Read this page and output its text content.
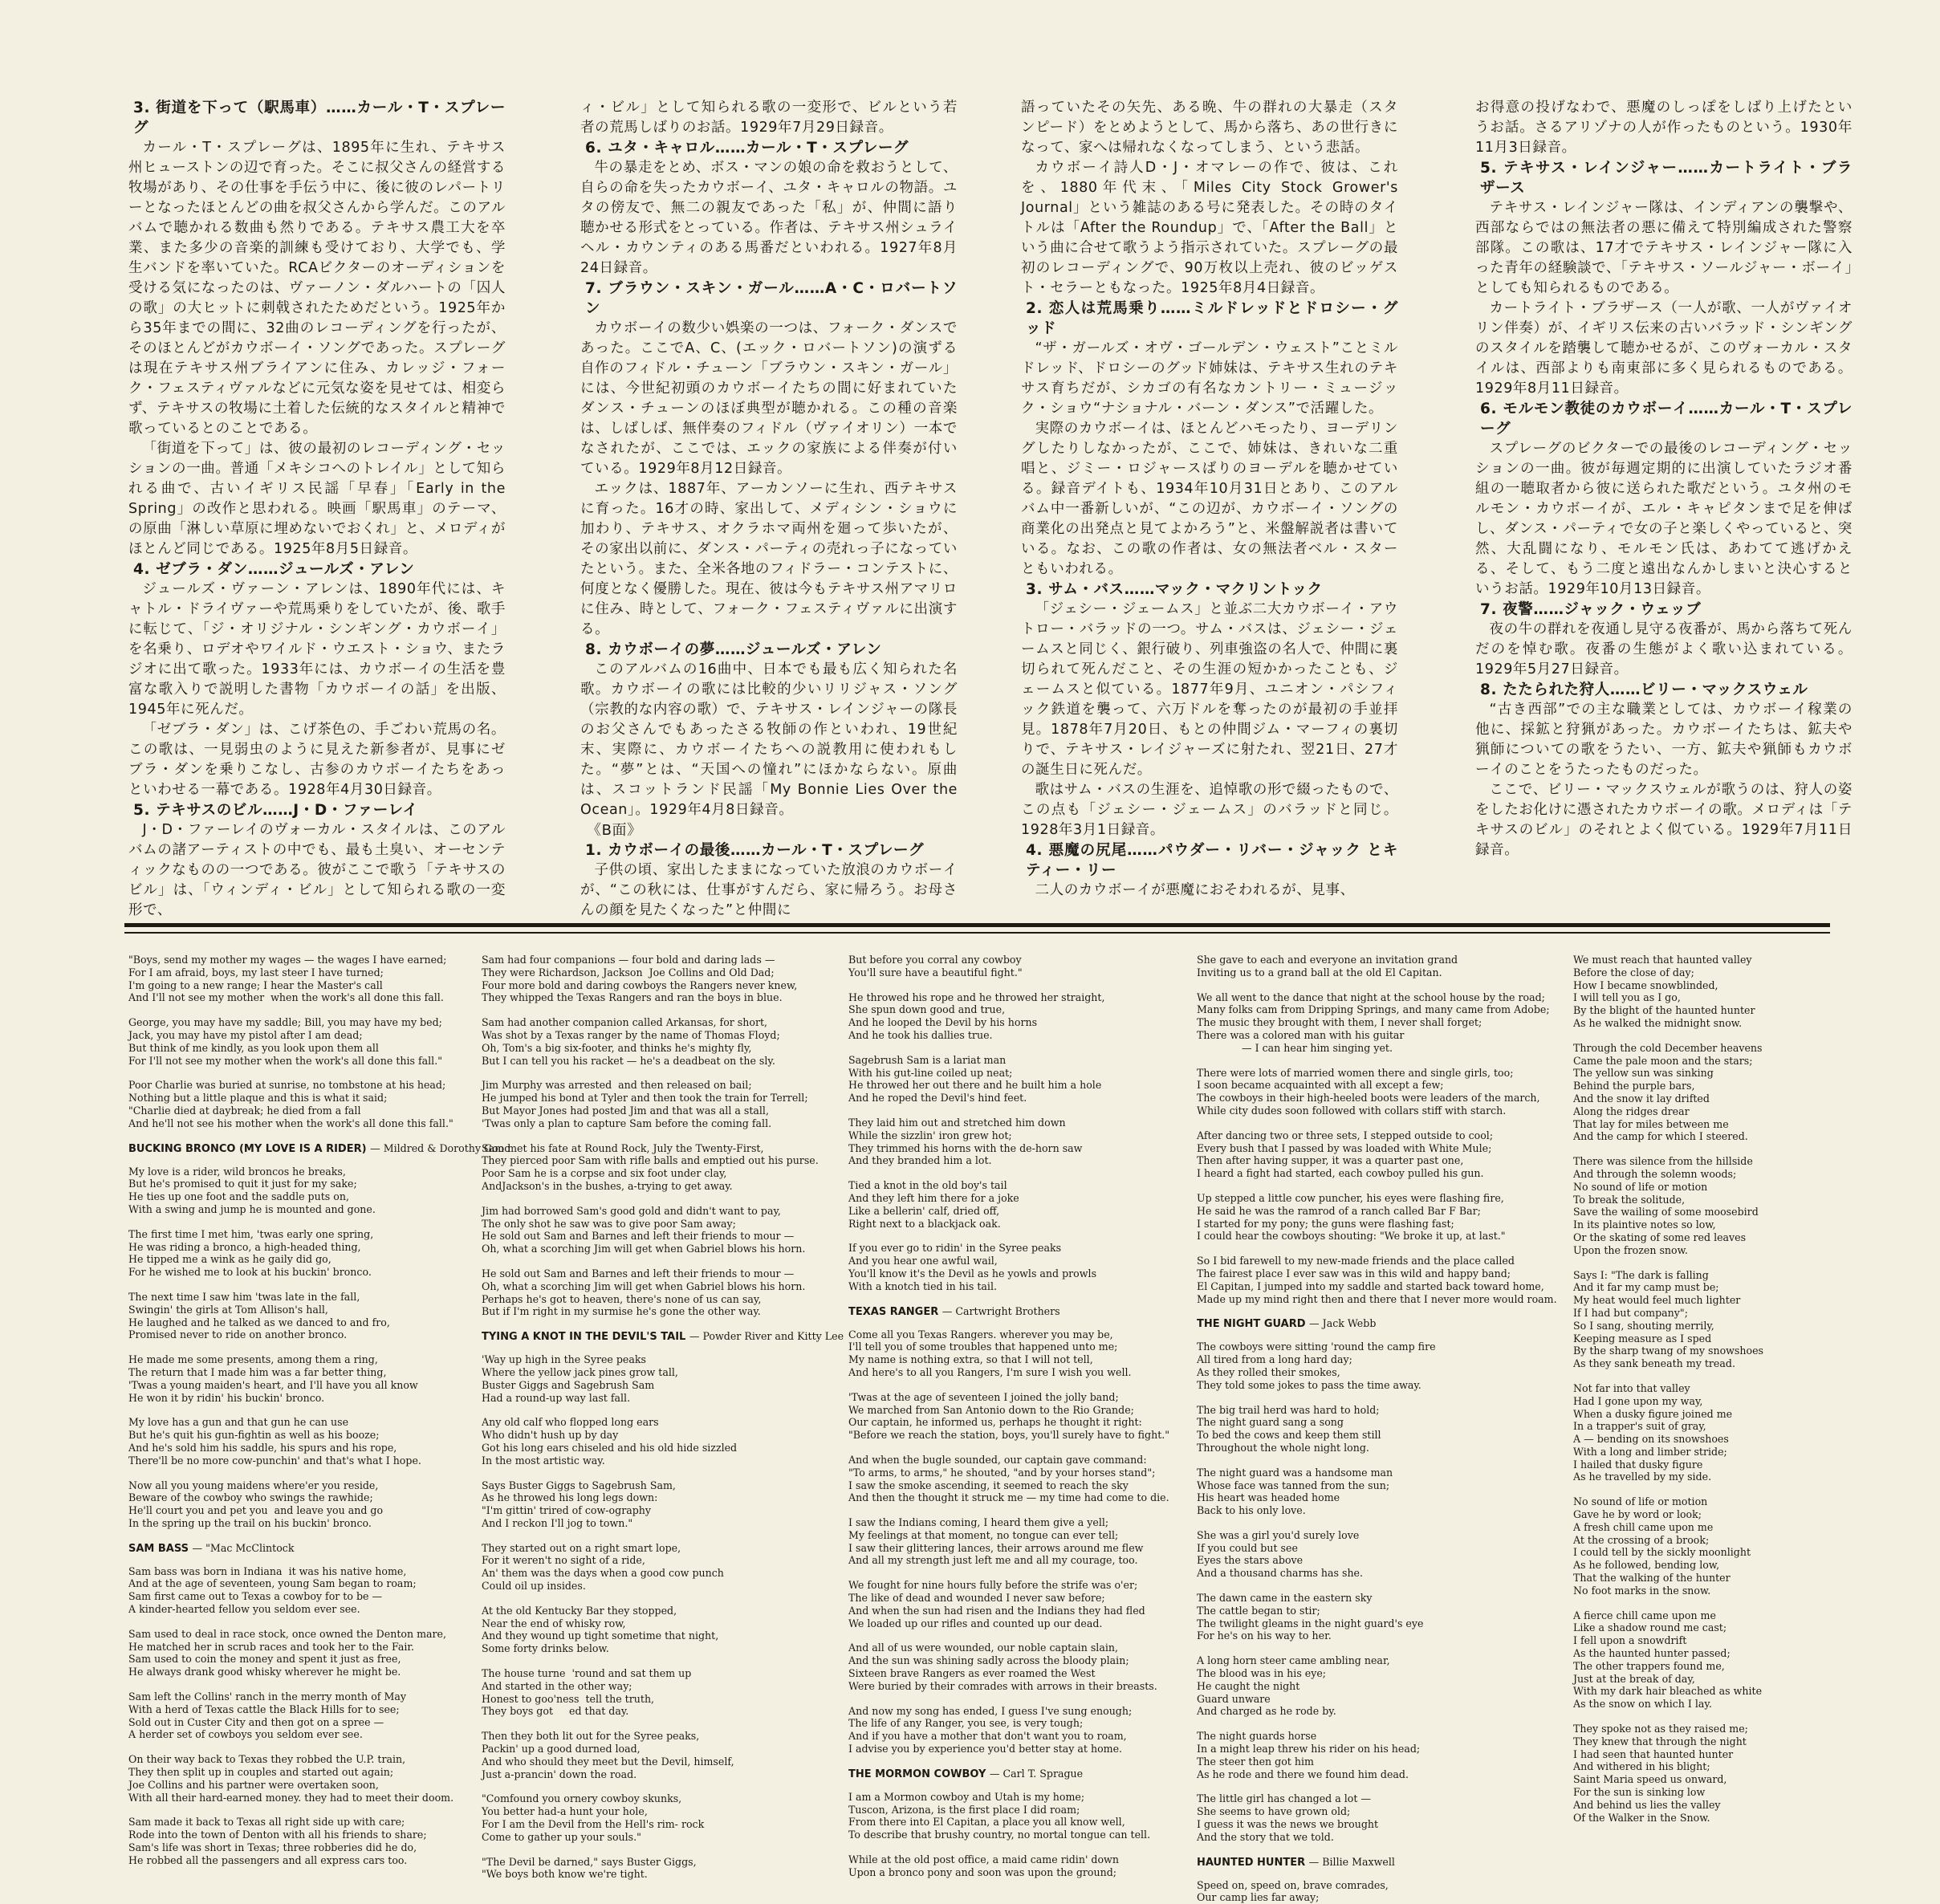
3. 街道を下って（駅馬車）……カール・T・スプレーグ

カール・T・スプレーグは、1895年に生れ、テキサス州ヒューストンの辺で育った。そこに叔父さんの経営する牧場があり、その仕事を手伝う中に、後に彼のレパートリーとなったほとんどの曲を叔父さんから学んだ。このアルバムで聴かれる数曲も然りである。テキサス農工大を卒業、また多少の音楽的訓練も受けており、大学でも、学生バンドを率いていた。RCAビクターのオーディションを受ける気になったのは、ヴァーノン・ダルハートの「囚人の歌」の大ヒットに刺戟されたためだという。1925年から35年までの間に、32曲のレコーディングを行ったが、そのほとんどがカウボーイ・ソングであった。スプレーグは現在テキサス州ブライアンに住み、カレッジ・フォーク・フェスティヴァルなどに元気な姿を見せては、相変らず、テキサスの牧場に土着した伝統的なスタイルと精神で歌っているとのことである。

「街道を下って」は、彼の最初のレコーディング・セッションの一曲。普通「メキシコへのトレイル」として知られる曲で、古いイギリス民謡「早春」「Early in the Spring」の改作と思われる。映画「駅馬車」のテーマ、の原曲「淋しい草原に埋めないでおくれ」と、メロディがほとんど同じである。1925年8月5日録音。

4. ゼブラ・ダン……ジュールズ・アレン

ジュールズ・ヴァーン・アレンは、1890年代には、キャトル・ドライヴァーや荒馬乗りをしていたが、後、歌手に転じて、「ジ・オリジナル・シンギング・カウボーイ」を名乗り、ロデオやワイルド・ウエスト・ショウ、またラジオに出て歌った。1933年には、カウボーイの生活を豊富な歌入りで説明した書物「カウボーイの話」を出版、1945年に死んだ。

「ゼブラ・ダン」は、こげ茶色の、手ごわい荒馬の名。この歌は、一見弱虫のように見えた新参者が、見事にゼブラ・ダンを乗りこなし、古参のカウボーイたちをあっといわせる一幕である。1928年4月30日録音。

5. テキサスのビル……J・D・ファーレイ

J・D・ファーレイのヴォーカル・スタイルは、このアルバムの諸アーティストの中でも、最も土臭い、オーセンティックなものの一つである。彼がここで歌う「テキサスのビル」は、「ウィンディ・ビル」として知られる歌の一変形で、

ィ・ビル」として知られる歌の一変形で、ビルという若者の荒馬しばりのお話。1929年7月29日録音。

6. ユタ・キャロル……カール・T・スプレーグ

牛の暴走をとめ、ボス・マンの娘の命を救おうとして、自らの命を失ったカウボーイ、ユタ・キャロルの物語。ユタの傍友で、無二の親友であった「私」が、仲間に語り聴かせる形式をとっている。作者は、テキサス州シュライヘル・カウンティのある馬番だといわれる。1927年8月24日録音。

7. ブラウン・スキン・ガール……A・C・ロバートソン

カウボーイの数少い娯楽の一つは、フォーク・ダンスであった。ここでA、C、(エック・ロバートソン)の演ずる自作のフィドル・チューン「ブラウン・スキン・ガール」には、今世紀初頭のカウボーイたちの間に好まれていたダンス・チューンのほぼ典型が聴かれる。この種の音楽は、しばしば、無伴奏のフィドル（ヴァイオリン）一本でなされたが、ここでは、エックの家族による伴奏が付いている。1929年8月12日録音。

エックは、1887年、アーカンソーに生れ、西テキサスに育った。16才の時、家出して、メディシン・ショウに加わり、テキサス、オクラホマ両州を廻って歩いたが、その家出以前に、ダンス・パーティの売れっ子になっていたという。また、全米各地のフィドラー・コンテストに、何度となく優勝した。現在、彼は今もテキサス州アマリロに住み、時として、フォーク・フェスティヴァルに出演する。

8. カウボーイの夢……ジュールズ・アレン

このアルバムの16曲中、日本でも最も広く知られた名歌。カウボーイの歌には比較的少いリリジャス・ソング（宗教的な内容の歌）で、テキサス・レインジャーの隊長のお父さんでもあったさる牧師の作といわれ、19世紀末、実際に、カウボーイたちへの説教用に使われもした。“夢”とは、“天国への憧れ”にほかならない。原曲は、スコットランド民謡「My Bonnie Lies Over the Ocean」。1929年4月8日録音。

《B面》

1. カウボーイの最後……カール・T・スプレーグ

子供の頃、家出したままになっていた放浪のカウボーイが、“この秋には、仕事がすんだら、家に帰ろう。お母さんの顔を見たくなった”と仲間に

語っていたその矢先、ある晩、牛の群れの大暴走（スタンピード）をとめようとして、馬から落ち、あの世行きになって、家へは帰れなくなってしまう、という悲話。

カウボーイ詩人D・J・オマレーの作で、彼は、これを、1880年代末、「Miles City Stock Grower's Journal」という雑誌のある号に発表した。その時のタイトルは「After the Roundup」で、「After the Ball」という曲に合せて歌うよう指示されていた。スプレーグの最初のレコーディングで、90万枚以上売れ、彼のビッゲスト・セラーともなった。1925年8月4日録音。

2. 恋人は荒馬乗り……ミルドレッドとドロシー・グッド

“ザ・ガールズ・オヴ・ゴールデン・ウェスト”ことミルドレッド、ドロシーのグッド姉妹は、テキサス生れのテキサス育ちだが、シカゴの有名なカントリー・ミュージック・ショウ“ナショナル・バーン・ダンス”で活躍した。

実際のカウボーイは、ほとんどハモったり、ヨーデリングしたりしなかったが、ここで、姉妹は、きれいな二重唱と、ジミー・ロジャースばりのヨーデルを聴かせている。録音デイトも、1934年10月31日とあり、このアルバム中一番新しいが、“この辺が、カウボーイ・ソングの商業化の出発点と見てよかろう”と、米盤解説者は書いている。なお、この歌の作者は、女の無法者ベル・スターともいわれる。

3. サム・バス……マック・マクリントック

「ジェシー・ジェームス」と並ぶ二大カウボーイ・アウトロー・バラッドの一つ。サム・バスは、ジェシー・ジェームスと同じく、銀行破り、列車強盗の名人で、仲間に裏切られて死んだこと、その生涯の短かかったことも、ジェームスと似ている。1877年9月、ユニオン・パシフィック鉄道を襲って、六万ドルを奪ったのが最初の手並拝見。1878年7月20日、もとの仲間ジム・マーフィの裏切りで、テキサス・レイジャーズに射たれ、翌21日、27才の誕生日に死んだ。

歌はサム・バスの生涯を、追悼歌の形で綴ったもので、この点も「ジェシー・ジェームス」のバラッドと同じ。1928年3月1日録音。

4. 悪魔の尻尾……パウダー・リバー・ジャック とキティー・リー

二人のカウボーイが悪魔におそわれるが、見事、

お得意の投げなわで、悪魔のしっぽをしばり上げたというお話。さるアリゾナの人が作ったものという。1930年11月3日録音。

5. テキサス・レインジャー……カートライト・ブラザース

テキサス・レインジャー隊は、インディアンの襲撃や、西部ならではの無法者の悪に備えて特別編成された警察部隊。この歌は、17才でテキサス・レインジャー隊に入った青年の経験談で、「テキサス・ソールジャー・ボーイ」としても知られるものである。

カートライト・ブラザース（一人が歌、一人がヴァイオリン伴奏）が、イギリス伝来の古いバラッド・シンギングのスタイルを踏襲して聴かせるが、このヴォーカル・スタイルは、西部よりも南東部に多く見られるものである。1929年8月11日録音。

6. モルモン教徒のカウボーイ……カール・T・スプレーグ

スプレーグのビクターでの最後のレコーディング・セッションの一曲。彼が毎週定期的に出演していたラジオ番組の一聴取者から彼に送られた歌だという。ユタ州のモルモン・カウボーイが、エル・キャピタンまで足を伸ばし、ダンス・パーティで女の子と楽しくやっていると、突然、大乱闘になり、モルモン氏は、あわてて逃げかえる、そして、もう二度と遠出なんかしまいと決心するというお話。1929年10月13日録音。

7. 夜警……ジャック・ウェッブ

夜の牛の群れを夜通し見守る夜番が、馬から落ちて死んだのを悼む歌。夜番の生態がよく歌い込まれている。1929年5月27日録音。

8. たたられた狩人……ビリー・マックスウェル

“古き西部”での主な職業としては、カウボーイ稼業の他に、採鉱と狩猟があった。カウボーイたちは、鉱夫や猟師についての歌をうたい、一方、鉱夫や猟師もカウボーイのことをうたったものだった。

ここで、ビリー・マックスウェルが歌うのは、狩人の姿をしたお化けに憑されたカウボーイの歌。メロディは「テキサスのビル」のそれとよく似ている。1929年7月11日録音。

"Boys, send my mother my wages — the wages I have earned;
For I am afraid, boys, my last steer I have turned;
I'm going to a new range; I hear the Master's call
And I'll not see my mother  when the work's all done this fall.
George, you may have my saddle; Bill, you may have my bed;
Jack, you may have my pistol after I am dead;
But think of me kindly, as you look upon them all
For I'll not see my mother when the work's all done this fall."
Poor Charlie was buried at sunrise, no tombstone at his head;
Nothing but a little plaque and this is what it said;
"Charlie died at daybreak; he died from a fall
And he'll not see his mother when the work's all done this fall."
BUCKING BRONCO (MY LOVE IS A RIDER) — Mildred & Dorothy Good
My love is a rider, wild broncos he breaks,
But he's promised to quit it just for my sake;
He ties up one foot and the saddle puts on,
With a swing and jump he is mounted and gone.
The first time I met him, 'twas early one spring,
He was riding a bronco, a high-headed thing,
He tipped me a wink as he gaily did go,
For he wished me to look at his buckin' bronco.
The next time I saw him 'twas late in the fall,
Swingin' the girls at Tom Allison's hall,
He laughed and he talked as we danced to and fro,
Promised never to ride on another bronco.
He made me some presents, among them a ring,
The return that I made him was a far better thing,
'Twas a young maiden's heart, and I'll have you all know
He won it by ridin' his buckin' bronco.
My love has a gun and that gun he can use
But he's quit his gun-fightin as well as his booze;
And he's sold him his saddle, his spurs and his rope,
There'll be no more cow-punchin' and that's what I hope.
Now all you young maidens where'er you reside,
Beware of the cowboy who swings the rawhide;
He'll court you and pet you  and leave you and go
In the spring up the trail on his buckin' bronco.
SAM BASS — "Mac McClintock
Sam bass was born in Indiana  it was his native home,
And at the age of seventeen, young Sam began to roam;
Sam first came out to Texas a cowboy for to be —
A kinder-hearted fellow you seldom ever see.
Sam used to deal in race stock, once owned the Denton mare,
He matched her in scrub races and took her to the Fair.
Sam used to coin the money and spent it just as free,
He always drank good whisky wherever he might be.
Sam left the Collins' ranch in the merry month of May
With a herd of Texas cattle the Black Hills for to see;
Sold out in Custer City and then got on a spree —
A herder set of cowboys you seldom ever see.
On their way back to Texas they robbed the U.P. train,
They then split up in couples and started out again;
Joe Collins and his partner were overtaken soon,
With all their hard-earned money. they had to meet their doom.
Sam made it back to Texas all right side up with care;
Rode into the town of Denton with all his friends to share;
Sam's life was short in Texas; three robberies did he do,
He robbed all the passengers and all express cars too.
Sam had four companions — four bold and daring lads —
They were Richardson, Jackson  Joe Collins and Old Dad;
Four more bold and daring cowboys the Rangers never knew,
They whipped the Texas Rangers and ran the boys in blue.
Sam had another companion called Arkansas, for short,
Was shot by a Texas ranger by the name of Thomas Floyd;
Oh, Tom's a big six-footer, and thinks he's mighty fly,
But I can tell you his racket — he's a deadbeat on the sly.
Jim Murphy was arrested  and then released on bail;
He jumped his bond at Tyler and then took the train for Terrell;
But Mayor Jones had posted Jim and that was all a stall,
'Twas only a plan to capture Sam before the coming fall.
Sam met his fate at Round Rock, July the Twenty-First,
They pierced poor Sam with rifle balls and emptied out his purse.
Poor Sam he is a corpse and six foot under clay,
AndJackson's in the bushes, a-trying to get away.
Jim had borrowed Sam's good gold and didn't want to pay,
The only shot he saw was to give poor Sam away;
He sold out Sam and Barnes and left their friends to mour —
Oh, what a scorching Jim will get when Gabriel blows his horn.
He sold out Sam and Barnes and left their friends to mour —
Oh, what a scorching Jim will get when Gabriel blows his horn.
Perhaps he's got to heaven, there's none of us can say,
But if I'm right in my surmise he's gone the other way.
TYING A KNOT IN THE DEVIL'S TAIL — Powder River and Kitty Lee
'Way up high in the Syree peaks
Where the yellow jack pines grow tall,
Buster Giggs and Sagebrush Sam
Had a round-up way last fall.
Any old calf who flopped long ears
Who didn't hush up by day
Got his long ears chiseled and his old hide sizzled
In the most artistic way.
Says Buster Giggs to Sagebrush Sam,
As he throwed his long legs down:
"I'm gittin' trired of cow-ography
And I reckon I'll jog to town."
They started out on a right smart lope,
For it weren't no sight of a ride,
An' them was the days when a good cow punch
Could oil up insides.
At the old Kentucky Bar they stopped,
Near the end of whisky row,
And they wound up tight sometime that night,
Some forty drinks below.
The house turne  'round and sat them up
And started in the other way;
Honest to goo'ness  tell the truth,
They boys got     ed that day.
Then they both lit out for the Syree peaks,
Packin' up a good durned load,
And who should they meet but the Devil, himself,
Just a-prancin' down the road.
"Comfound you ornery cowboy skunks,
You better had-a hunt your hole,
For I am the Devil from the Hell's rim- rock
Come to gather up your souls."
"The Devil be darned," says Buster Giggs,
"We boys both know we're tight.
But before you corral any cowboy
You'll sure have a beautiful fight."
He throwed his rope and he throwed her straight,
She spun down good and true,
And he looped the Devil by his horns
And he took his dallies true.
Sagebrush Sam is a lariat man
With his gut-line coiled up neat;
He throwed her out there and he built him a hole
And he roped the Devil's hind feet.
They laid him out and stretched him down
While the sizzlin' iron grew hot;
They trimmed his horns with the de-horn saw
And they branded him a lot.
Tied a knot in the old boy's tail
And they left him there for a joke
Like a bellerin' calf, dried off,
Right next to a blackjack oak.
If you ever go to ridin' in the Syree peaks
And you hear one awful wail,
You'll know it's the Devil as he yowls and prowls
With a knotch tied in his tail.
TEXAS RANGER — Cartwright Brothers
Come all you Texas Rangers. wherever you may be,
I'll tell you of some troubles that happened unto me;
My name is nothing extra, so that I will not tell,
And here's to all you Rangers, I'm sure I wish you well.
'Twas at the age of seventeen I joined the jolly band;
We marched from San Antonio down to the Rio Grande;
Our captain, he informed us, perhaps he thought it right:
"Before we reach the station, boys, you'll surely have to fight."
And when the bugle sounded, our captain gave command:
"To arms, to arms," he shouted, "and by your horses stand";
I saw the smoke ascending, it seemed to reach the sky
And then the thought it struck me — my time had come to die.
I saw the Indians coming, I heard them give a yell;
My feelings at that moment, no tongue can ever tell;
I saw their glittering lances, their arrows around me flew
And all my strength just left me and all my courage, too.
We fought for nine hours fully before the strife was o'er;
The like of dead and wounded I never saw before;
And when the sun had risen and the Indians they had fled
We loaded up our rifles and counted up our dead.
And all of us were wounded, our noble captain slain,
And the sun was shining sadly across the bloody plain;
Sixteen brave Rangers as ever roamed the West
Were buried by their comrades with arrows in their breasts.
And now my song has ended, I guess I've sung enough;
The life of any Ranger, you see, is very tough;
And if you have a mother that don't want you to roam,
I advise you by experience you'd better stay at home.
THE MORMON COWBOY — Carl T. Sprague
I am a Mormon cowboy and Utah is my home;
Tuscon, Arizona, is the first place I did roam;
From there into El Capitan, a place you all know well,
To describe that brushy country, no mortal tongue can tell.
While at the old post office, a maid came ridin' down
Upon a bronco pony and soon was upon the ground;
She gave to each and everyone an invitation grand
Inviting us to a grand ball at the old El Capitan.
We all went to the dance that night at the school house by the road;
Many folks cam from Dripping Springs, and many came from Adobe;
The music they brought with them, I never shall forget;
There was a colored man with his guitar
— I can hear him singing yet.
There were lots of married women there and single girls, too;
I soon became acquainted with all except a few;
The cowboys in their high-heeled boots were leaders of the march,
While city dudes soon followed with collars stiff with starch.
After dancing two or three sets, I stepped outside to cool;
Every bush that I passed by was loaded with White Mule;
Then after having supper, it was a quarter past one,
I heard a fight had started, each cowboy pulled his gun.
Up stepped a little cow puncher, his eyes were flashing fire,
He said he was the ramrod of a ranch called Bar F Bar;
I started for my pony; the guns were flashing fast;
I could hear the cowboys shouting: "We broke it up, at last."
So I bid farewell to my new-made friends and the place called
The fairest place I ever saw was in this wild and happy band;
El Capitan, I jumped into my saddle and started back toward home,
Made up my mind right then and there that I never more would roam.
THE NIGHT GUARD — Jack Webb
The cowboys were sitting 'round the camp fire
All tired from a long hard day;
As they rolled their smokes,
They told some jokes to pass the time away.
The big trail herd was hard to hold;
The night guard sang a song
To bed the cows and keep them still
Throughout the whole night long.
The night guard was a handsome man
Whose face was tanned from the sun;
His heart was headed home
Back to his only love.
She was a girl you'd surely love
If you could but see
Eyes the stars above
And a thousand charms has she.
The dawn came in the eastern sky
The cattle began to stir;
The twilight gleams in the night guard's eye
For he's on his way to her.
A long horn steer came ambling near,
The blood was in his eye;
He caught the night
Guard unware
And charged as he rode by.
The night guards horse
In a might leap threw his rider on his head;
The steer then got him
As he rode and there we found him dead.
The little girl has changed a lot —
She seems to have grown old;
I guess it was the news we brought
And the story that we told.
HAUNTED HUNTER — Billie Maxwell
Speed on, speed on, brave comrades,
Our camp lies far away;
We must reach that haunted valley
Before the close of day;
How I became snowblinded,
I will tell you as I go,
By the blight of the haunted hunter
As he walked the midnight snow.
Through the cold December heavens
Came the pale moon and the stars;
The yellow sun was sinking
Behind the purple bars,
And the snow it lay drifted
Along the ridges drear
That lay for miles between me
And the camp for which I steered.
There was silence from the hillside
And through the solemn woods;
No sound of life or motion
To break the solitude,
Save the wailing of some moosebird
In its plaintive notes so low,
Or the skating of some red leaves
Upon the frozen snow.
Says I: "The dark is falling
And it far my camp must be;
My heat would feel much lighter
If I had but company";
So I sang, shouting merrily,
Keeping measure as I sped
By the sharp twang of my snowshoes
As they sank beneath my tread.
Not far into that valley
Had I gone upon my way,
When a dusky figure joined me
In a trapper's suit of gray,
A — bending on its snowshoes
With a long and limber stride;
I hailed that dusky figure
As he travelled by my side.
No sound of life or motion
Gave he by word or look;
A fresh chill came upon me
At the crossing of a brook;
I could tell by the sickly moonlight
As he followed, bending low,
That the walking of the hunter
No foot marks in the snow.
A fierce chill came upon me
Like a shadow round me cast;
I fell upon a snowdrift
As the haunted hunter passed;
The other trappers found me,
Just at the break of day,
With my dark hair bleached as white
As the snow on which I lay.
They spoke not as they raised me;
They knew that through the night
I had seen that haunted hunter
And withered in his blight;
Saint Maria speed us onward,
For the sun is sinking low
And behind us lies the valley
Of the Walker in the Snow.
